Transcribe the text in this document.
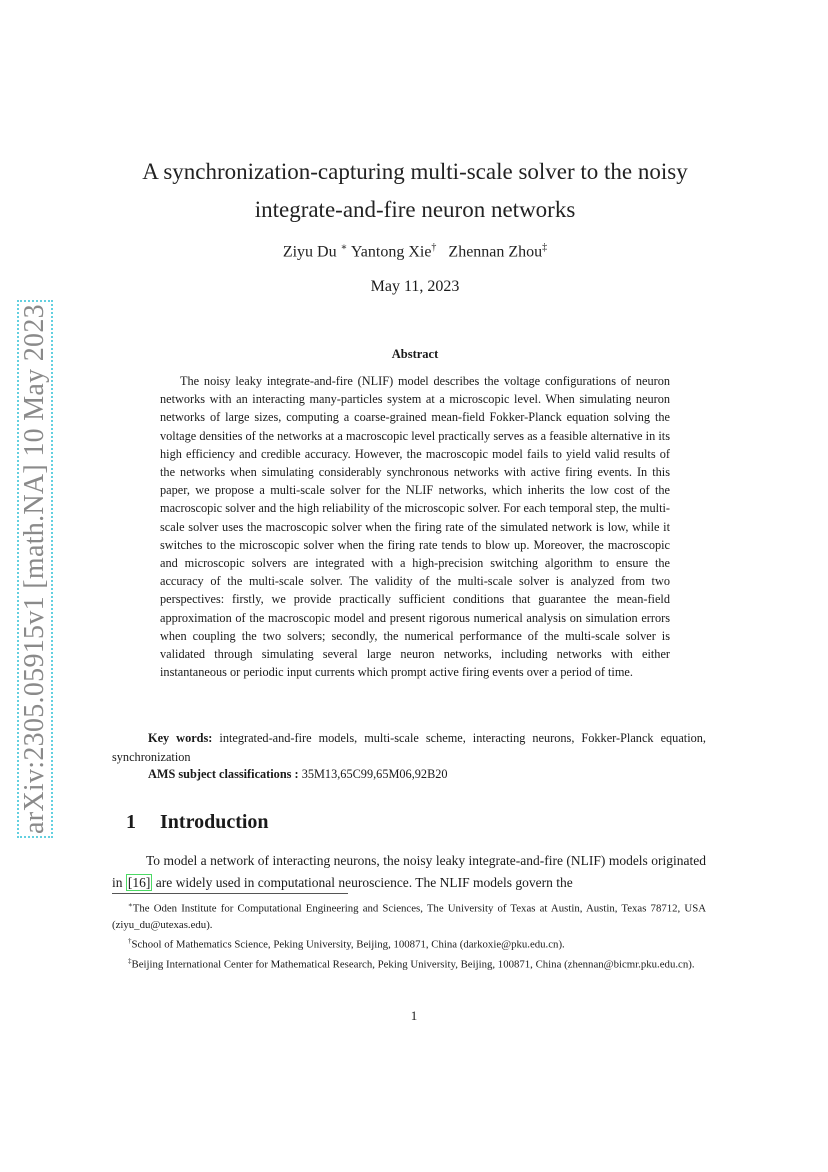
arXiv:2305.05915v1 [math.NA] 10 May 2023
A synchronization-capturing multi-scale solver to the noisy
integrate-and-fire neuron networks
Ziyu Du ∗ Yantong Xie† Zhennan Zhou‡
May 11, 2023
Abstract
The noisy leaky integrate-and-fire (NLIF) model describes the voltage configurations of neuron networks with an interacting many-particles system at a microscopic level. When simulating neuron networks of large sizes, computing a coarse-grained mean-field Fokker-Planck equation solving the voltage densities of the networks at a macroscopic level practically serves as a feasible alternative in its high efficiency and credible accuracy. However, the macroscopic model fails to yield valid results of the networks when simulating considerably synchronous networks with active firing events. In this paper, we propose a multi-scale solver for the NLIF networks, which inherits the low cost of the macroscopic solver and the high reliability of the microscopic solver. For each temporal step, the multi-scale solver uses the macroscopic solver when the firing rate of the simulated network is low, while it switches to the microscopic solver when the firing rate tends to blow up. Moreover, the macroscopic and microscopic solvers are integrated with a high-precision switching algorithm to ensure the accuracy of the multi-scale solver. The validity of the multi-scale solver is analyzed from two perspectives: firstly, we provide practically sufficient conditions that guarantee the mean-field approximation of the macroscopic model and present rigorous numerical analysis on simulation errors when coupling the two solvers; secondly, the numerical performance of the multi-scale solver is validated through simulating several large neuron networks, including networks with either instantaneous or periodic input currents which prompt active firing events over a period of time.
Key words: integrated-and-fire models, multi-scale scheme, interacting neurons, Fokker-Planck equation, synchronization
AMS subject classifications : 35M13,65C99,65M06,92B20
1 Introduction
To model a network of interacting neurons, the noisy leaky integrate-and-fire (NLIF) models originated in [16] are widely used in computational neuroscience. The NLIF models govern the
∗The Oden Institute for Computational Engineering and Sciences, The University of Texas at Austin, Austin, Texas 78712, USA (ziyu_du@utexas.edu).
†School of Mathematics Science, Peking University, Beijing, 100871, China (darkoxie@pku.edu.cn).
‡Beijing International Center for Mathematical Research, Peking University, Beijing, 100871, China (zhennan@bicmr.pku.edu.cn).
1
